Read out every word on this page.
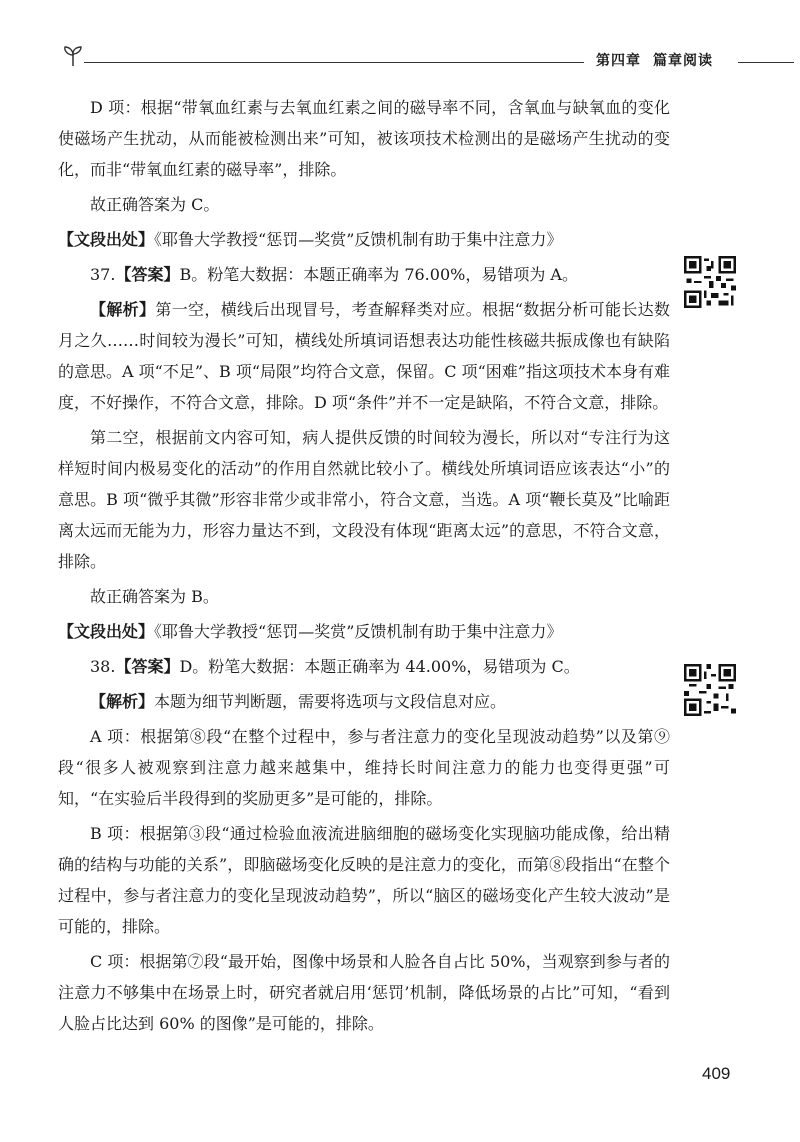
第四章 篇章阅读

D 项：根据“带氧血红素与去氧血红素之间的磁导率不同，含氧血与缺氧血的变化使磁场产生扰动，从而能被检测出来”可知，被该项技术检测出的是磁场产生扰动的变化，而非“带氧血红素的磁导率”，排除。

故正确答案为 C。

【文段出处】《耶鲁大学教授“惩罚—奖赏”反馈机制有助于集中注意力》

37.【答案】B。粉笔大数据：本题正确率为 76.00%，易错项为 A。

【解析】第一空，横线后出现冒号，考查解释类对应。根据“数据分析可能长达数月之久……时间较为漫长”可知，横线处所填词语想表达功能性核磁共振成像也有缺陷的意思。A 项“不足”、B 项“局限”均符合文意，保留。C 项“困难”指这项技术本身有难度，不好操作，不符合文意，排除。D 项“条件”并不一定是缺陷，不符合文意，排除。

第二空，根据前文内容可知，病人提供反馈的时间较为漫长，所以对“专注行为这样短时间内极易变化的活动”的作用自然就比较小了。横线处所填词语应该表达“小”的意思。B 项“微乎其微”形容非常少或非常小，符合文意，当选。A 项“鞭长莫及”比喻距离太远而无能为力，形容力量达不到，文段没有体现“距离太远”的意思，不符合文意，排除。

故正确答案为 B。

【文段出处】《耶鲁大学教授“惩罚—奖赏”反馈机制有助于集中注意力》

38.【答案】D。粉笔大数据：本题正确率为 44.00%，易错项为 C。

【解析】本题为细节判断题，需要将选项与文段信息对应。

A 项：根据第⑧段“在整个过程中，参与者注意力的变化呈现波动趋势”以及第⑨段“很多人被观察到注意力越来越集中，维持长时间注意力的能力也变得更强”可知，“在实验后半段得到的奖励更多”是可能的，排除。

B 项：根据第③段“通过检验血液流进脑细胞的磁场变化实现脑功能成像，给出精确的结构与功能的关系”，即脑磁场变化反映的是注意力的变化，而第⑧段指出“在整个过程中，参与者注意力的变化呈现波动趋势”，所以“脑区的磁场变化产生较大波动”是可能的，排除。

C 项：根据第⑦段“最开始，图像中场景和人脸各自占比 50%，当观察到参与者的注意力不够集中在场景上时，研究者就启用‘惩罚’机制，降低场景的占比”可知，“看到人脸占比达到 60% 的图像”是可能的，排除。

409
